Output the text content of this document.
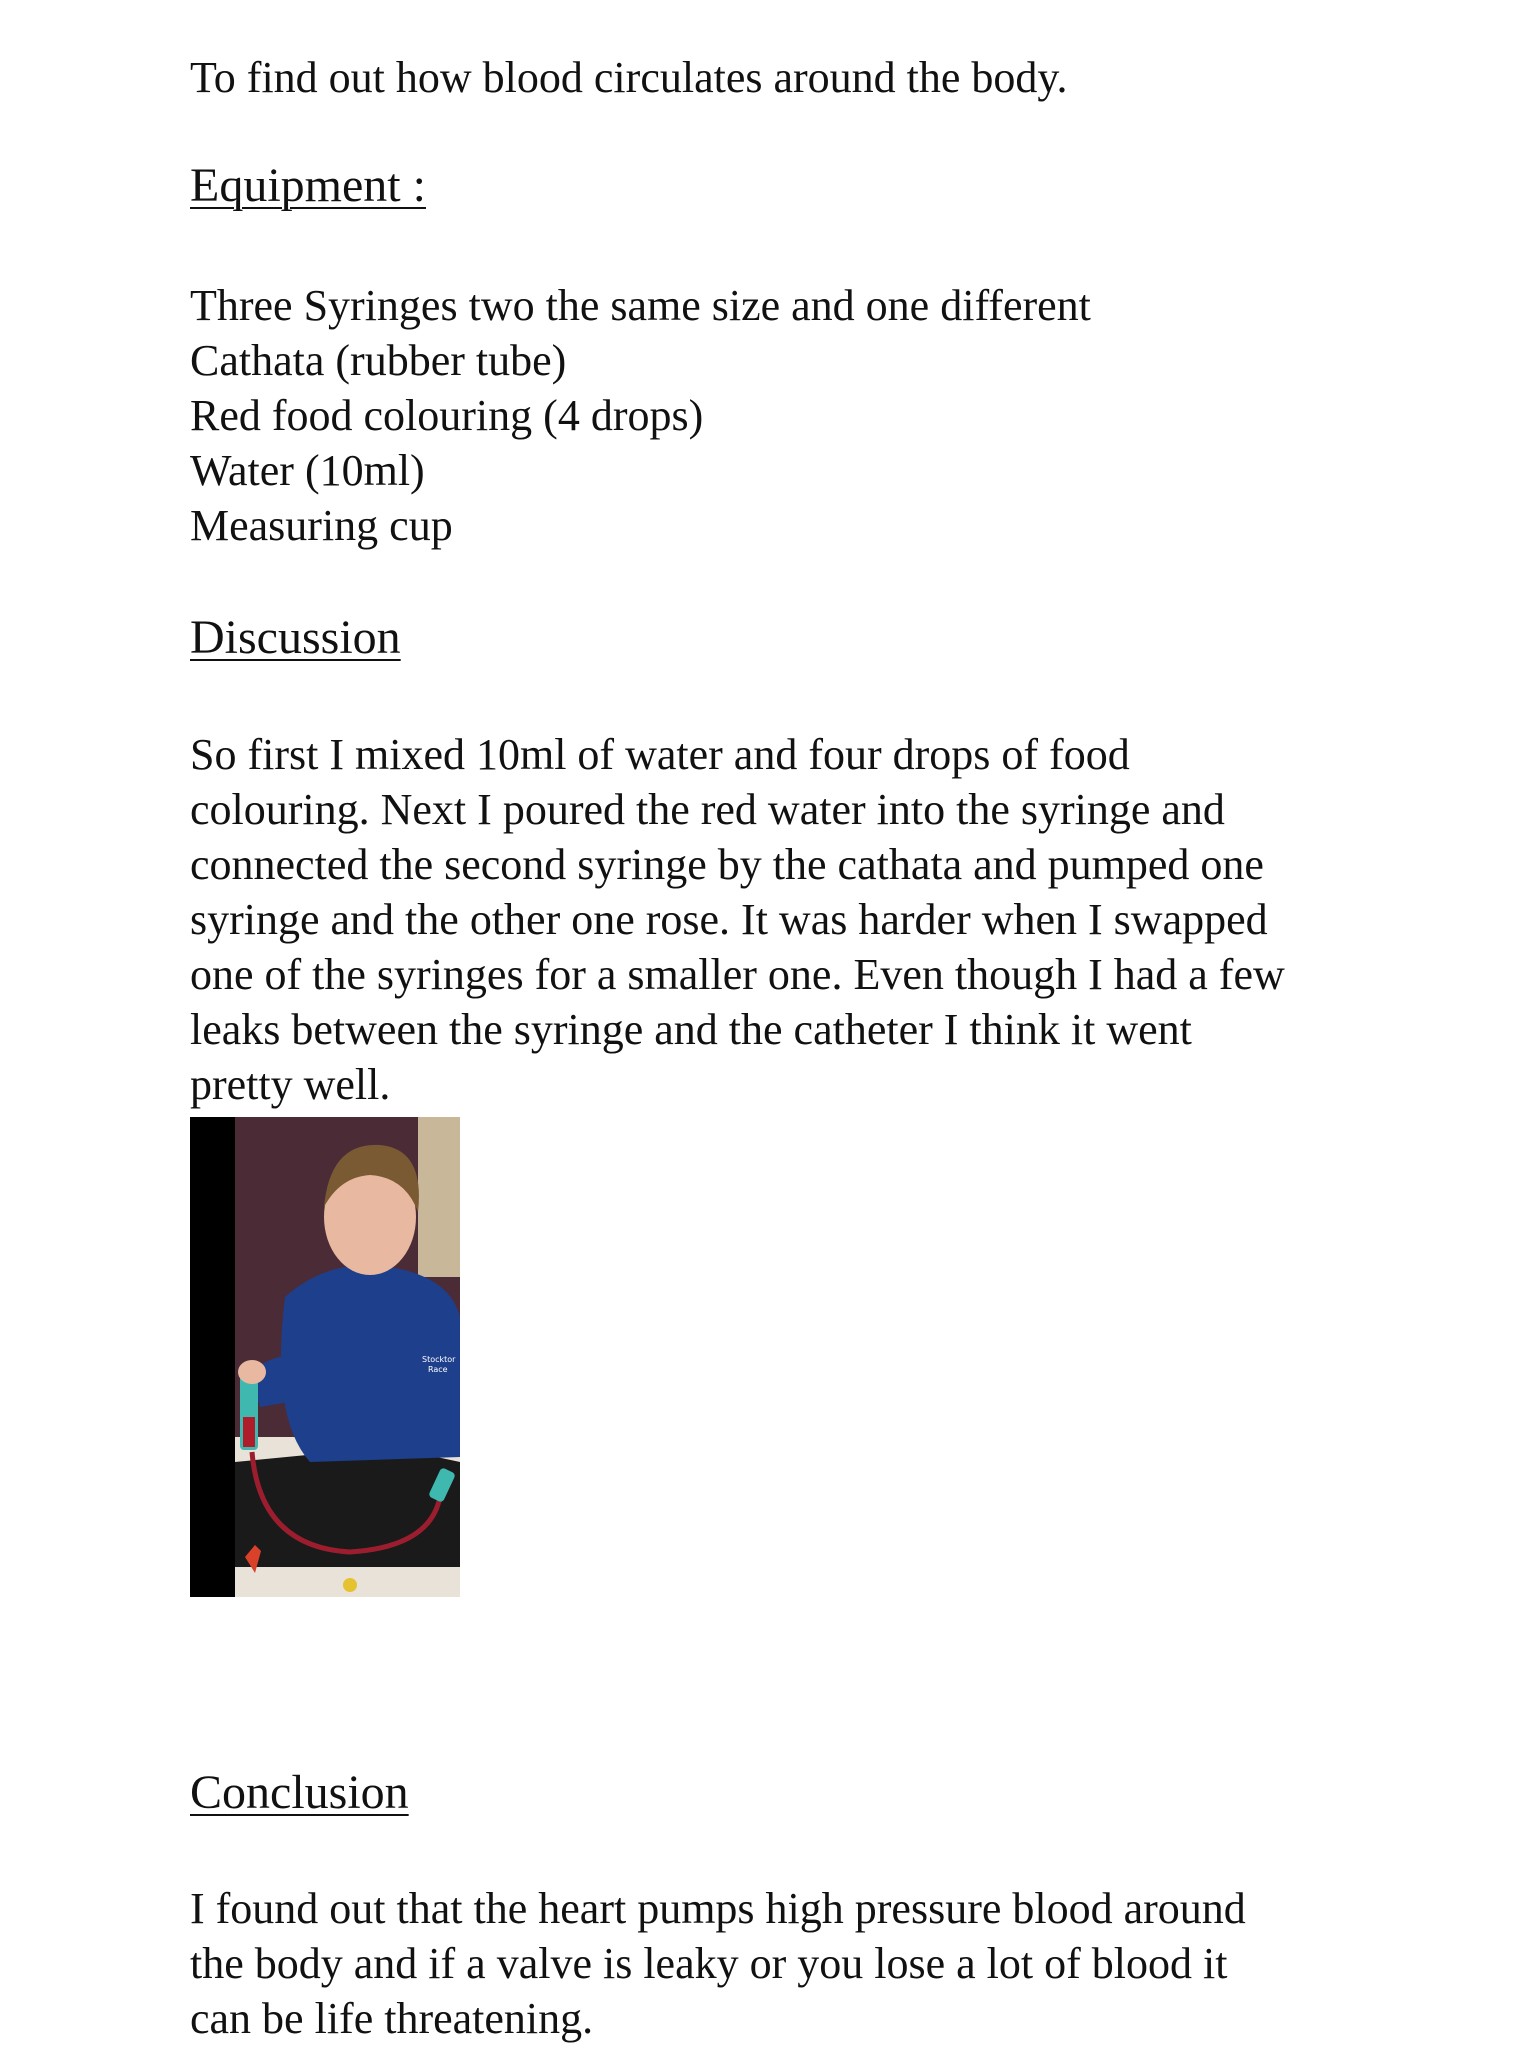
To find out how blood circulates around the body.

Equipment :

Three Syringes two the same size and one different
Cathata (rubber tube)
Red food colouring (4 drops)
Water (10ml)
Measuring cup

Discussion

So first I mixed 10ml of water and four drops of food

colouring. Next I poured the red water into the syringe and

connected the second syringe by the cathata and pumped one

syringe and the other one rose. It was harder when I swapped

one of the syringes for a smaller one. Even though I had a few

leaks between the syringe and the catheter I think it went

pretty well.

Conclusion

I found out that the heart pumps high pressure blood around

the body and if a valve is leaky or you lose a lot of blood it

can be life threatening.

Stocktor
Race
